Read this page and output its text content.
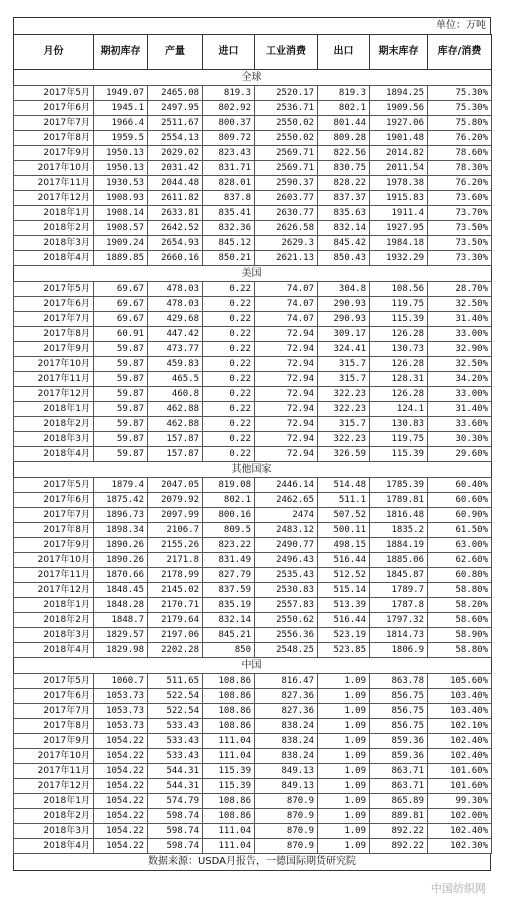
单位：万吨
月份	期初库存	产量	进口	工业消费	出口	期末库存	库存/消费
全球							
2017年5月	1949.07	2465.08	819.3	2520.17	819.3	1894.25	75.30%
2017年6月	1945.1	2497.95	802.92	2536.71	802.1	1909.56	75.30%
2017年7月	1966.4	2511.67	800.37	2550.02	801.44	1927.06	75.80%
2017年8月	1959.5	2554.13	809.72	2550.02	809.28	1901.48	76.20%
2017年9月	1950.13	2029.02	823.43	2569.71	822.56	2014.82	78.60%
2017年10月	1950.13	2031.42	831.71	2569.71	830.75	2011.54	78.30%
2017年11月	1930.53	2044.48	828.01	2590.37	828.22	1978.38	76.20%
2017年12月	1908.93	2611.82	837.8	2603.77	837.37	1915.83	73.60%
2018年1月	1908.14	2633.81	835.41	2630.77	835.63	1911.4	73.70%
2018年2月	1908.57	2642.52	832.36	2626.58	832.14	1927.95	73.50%
2018年3月	1909.24	2654.93	845.12	2629.3	845.42	1984.18	73.50%
2018年4月	1889.85	2660.16	850.21	2621.13	850.43	1932.29	73.30%
美国							
2017年5月	69.67	478.03	0.22	74.07	304.8	108.56	28.70%
2017年6月	69.67	478.03	0.22	74.07	290.93	119.75	32.50%
2017年7月	69.67	429.68	0.22	74.07	290.93	115.39	31.40%
2017年8月	60.91	447.42	0.22	72.94	309.17	126.28	33.00%
2017年9月	59.87	473.77	0.22	72.94	324.41	130.73	32.90%
2017年10月	59.87	459.83	0.22	72.94	315.7	126.28	32.50%
2017年11月	59.87	465.5	0.22	72.94	315.7	128.31	34.20%
2017年12月	59.87	460.8	0.22	72.94	322.23	126.28	33.00%
2018年1月	59.87	462.88	0.22	72.94	322.23	124.1	31.40%
2018年2月	59.87	462.88	0.22	72.94	315.7	130.83	33.60%
2018年3月	59.87	157.87	0.22	72.94	322.23	119.75	30.30%
2018年4月	59.87	157.87	0.22	72.94	326.59	115.39	29.60%
其他国家							
2017年5月	1879.4	2047.05	819.08	2446.14	514.48	1785.39	60.40%
2017年6月	1875.42	2079.92	802.1	2462.65	511.1	1789.81	60.60%
2017年7月	1896.73	2097.99	800.16	2474	507.52	1816.48	60.90%
2017年8月	1898.34	2106.7	809.5	2483.12	500.11	1835.2	61.50%
2017年9月	1890.26	2155.26	823.22	2490.77	498.15	1884.19	63.00%
2017年10月	1890.26	2171.8	831.49	2496.43	516.44	1885.06	62.60%
2017年11月	1870.66	2178.99	827.79	2535.43	512.52	1845.87	60.80%
2017年12月	1848.45	2145.02	837.59	2530.83	515.14	1789.7	58.80%
2018年1月	1848.28	2170.71	835.19	2557.83	513.39	1787.8	58.20%
2018年2月	1848.7	2179.64	832.14	2550.62	516.44	1797.32	58.60%
2018年3月	1829.57	2197.06	845.21	2556.36	523.19	1814.73	58.90%
2018年4月	1829.98	2202.28	850	2548.25	523.85	1806.9	58.80%
中国							
2017年5月	1060.7	511.65	108.86	816.47	1.09	863.78	105.60%
2017年6月	1053.73	522.54	108.86	827.36	1.09	856.75	103.40%
2017年7月	1053.73	522.54	108.86	827.36	1.09	856.75	103.40%
2017年8月	1053.73	533.43	108.86	838.24	1.09	856.75	102.10%
2017年9月	1054.22	533.43	111.04	838.24	1.09	859.36	102.40%
2017年10月	1054.22	533.43	111.04	838.24	1.09	859.36	102.40%
2017年11月	1054.22	544.31	115.39	849.13	1.09	863.71	101.60%
2017年12月	1054.22	544.31	115.39	849.13	1.09	863.71	101.60%
2018年1月	1054.22	574.79	108.86	870.9	1.09	865.89	99.30%
2018年2月	1054.22	598.74	108.86	870.9	1.09	889.81	102.00%
2018年3月	1054.22	598.74	111.04	870.9	1.09	892.22	102.40%
2018年4月	1054.22	598.74	111.04	870.9	1.09	892.22	102.30%
数据来源：USDA月报告，一德国际期货研究院
中国纺织网
